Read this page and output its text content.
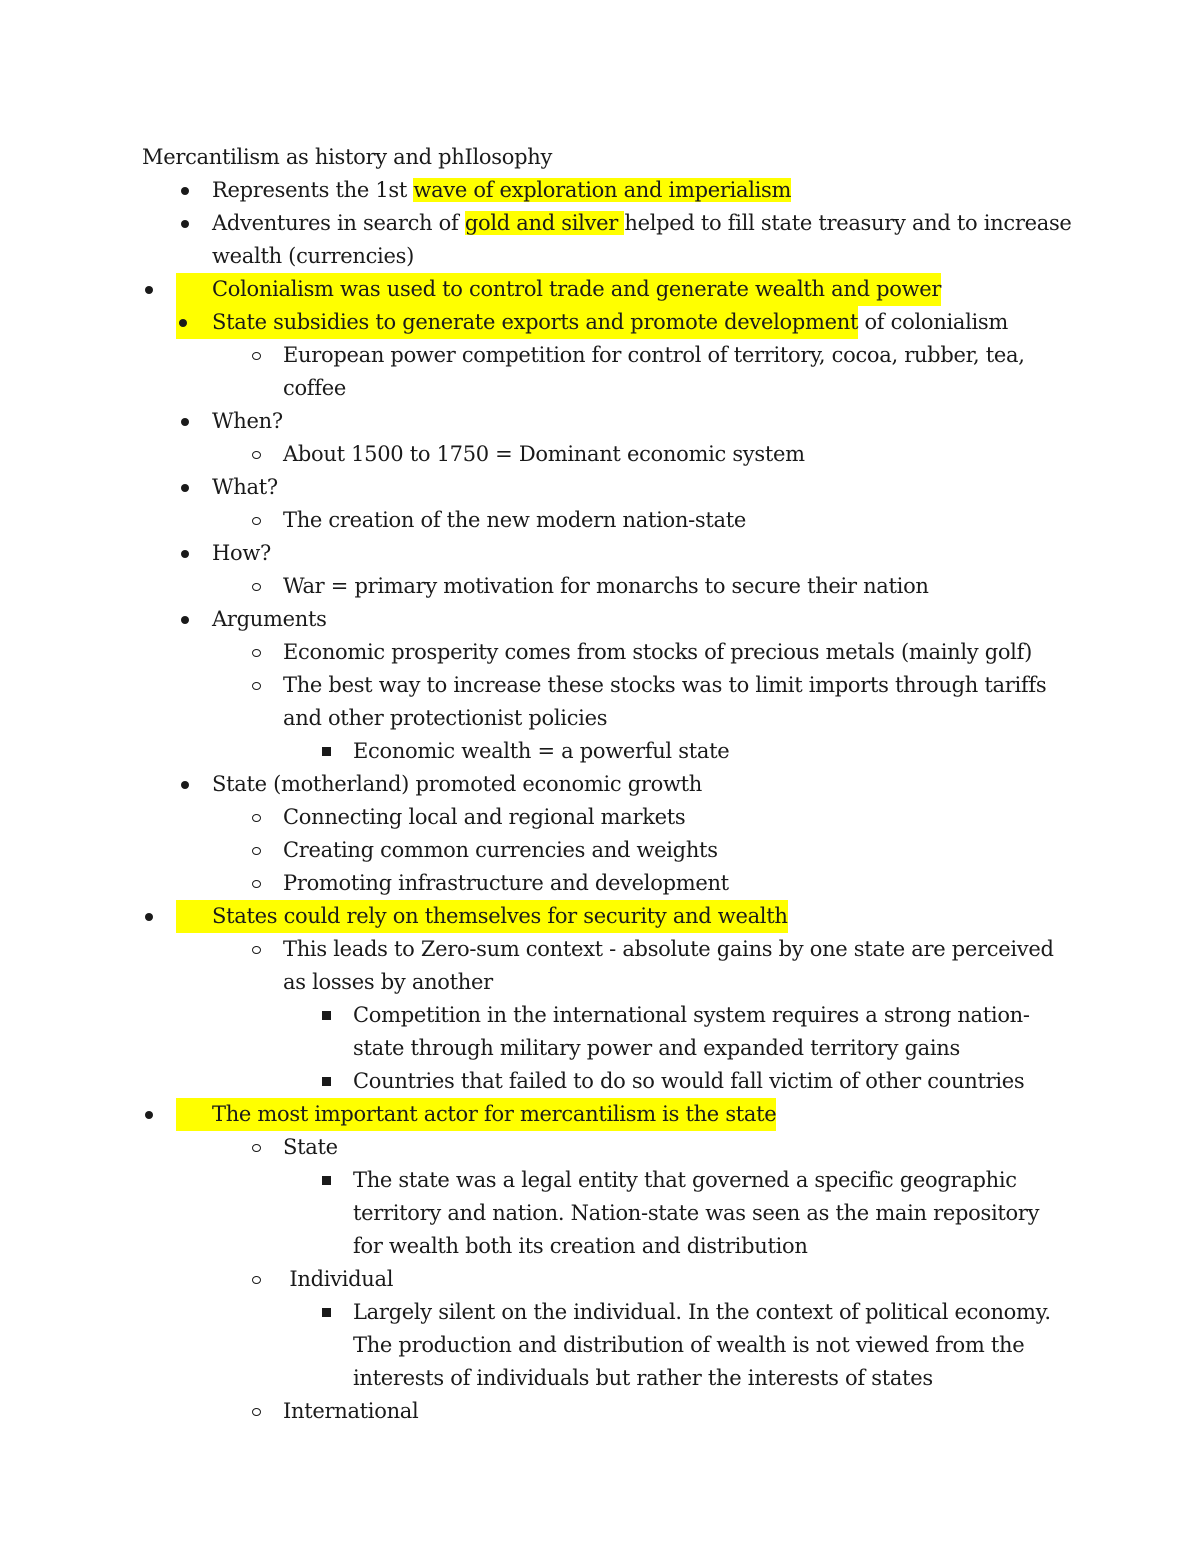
Mercantilism as history and phIlosophy

Represents the 1st wave of exploration and imperialism
Adventures in search of gold and silver helped to fill state treasury and to increase wealth (currencies)
Colonialism was used to control trade and generate wealth and power
State subsidies to generate exports and promote development of colonialism
European power competition for control of territory, cocoa, rubber, tea, coffee
When?
About 1500 to 1750 = Dominant economic system
What?
The creation of the new modern nation-state
How?
War = primary motivation for monarchs to secure their nation
Arguments
Economic prosperity comes from stocks of precious metals (mainly golf)
The best way to increase these stocks was to limit imports through tariffs and other protectionist policies
Economic wealth = a powerful state
State (motherland) promoted economic growth
Connecting local and regional markets
Creating common currencies and weights
Promoting infrastructure and development
States could rely on themselves for security and wealth
This leads to Zero-sum context - absolute gains by one state are perceived as losses by another
Competition in the international system requires a strong nation-state through military power and expanded territory gains
Countries that failed to do so would fall victim of other countries
The most important actor for mercantilism is the state
State
The state was a legal entity that governed a specific geographic territory and nation. Nation-state was seen as the main repository for wealth both its creation and distribution
Individual
Largely silent on the individual. In the context of political economy. The production and distribution of wealth is not viewed from the interests of individuals but rather the interests of states
International
